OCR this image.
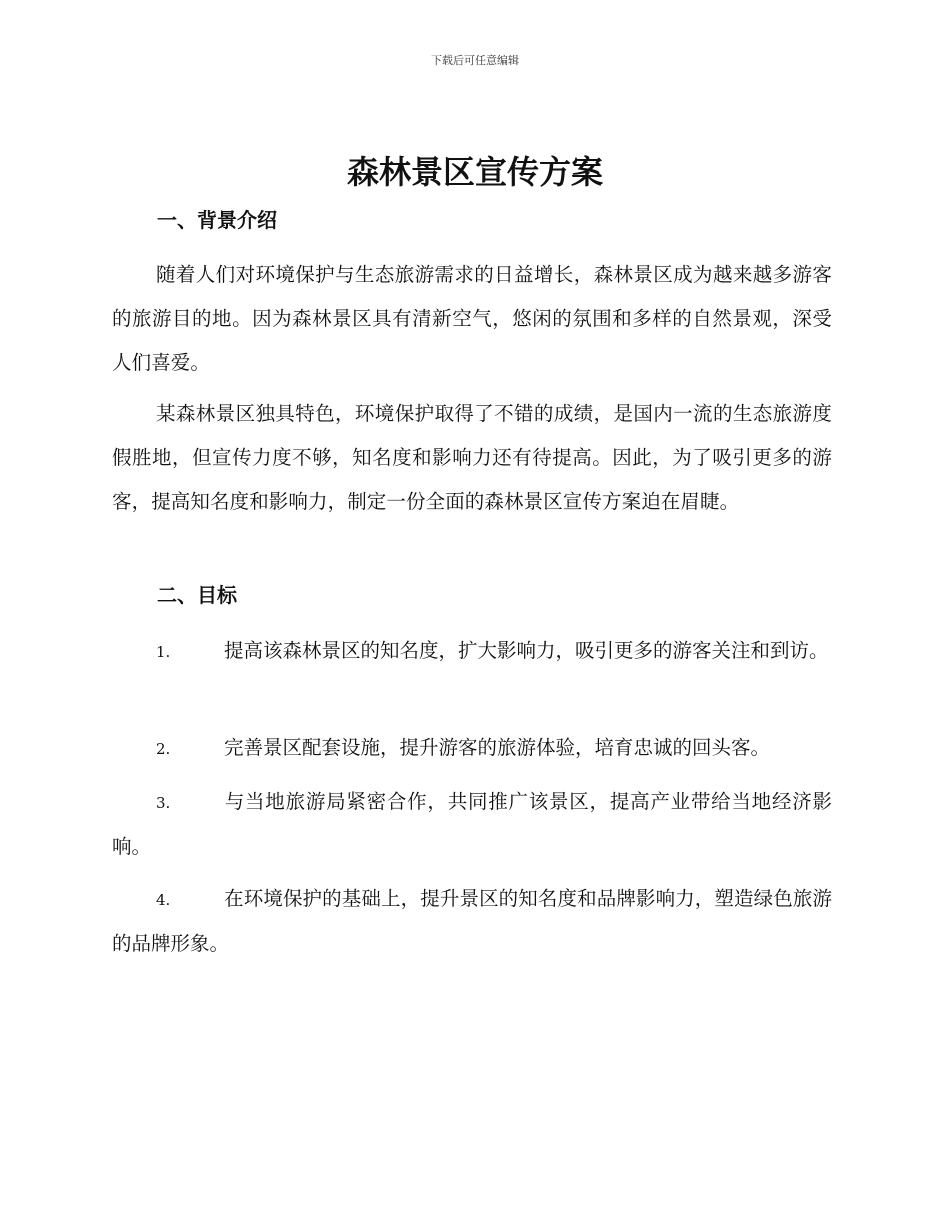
下载后可任意编辑
森林景区宣传方案
一、背景介绍

随着人们对环境保护与生态旅游需求的日益增长，森林景区成为越来越多游客的旅游目的地。因为森林景区具有清新空气，悠闲的氛围和多样的自然景观，深受人们喜爱。

某森林景区独具特色，环境保护取得了不错的成绩，是国内一流的生态旅游度假胜地，但宣传力度不够，知名度和影响力还有待提高。因此，为了吸引更多的游客，提高知名度和影响力，制定一份全面的森林景区宣传方案迫在眉睫。

二、目标

1.	提高该森林景区的知名度，扩大影响力，吸引更多的游客关注和到访。

2.	完善景区配套设施，提升游客的旅游体验，培育忠诚的回头客。

3.	与当地旅游局紧密合作，共同推广该景区，提高产业带给当地经济影响。

4.	在环境保护的基础上，提升景区的知名度和品牌影响力，塑造绿色旅游的品牌形象。
